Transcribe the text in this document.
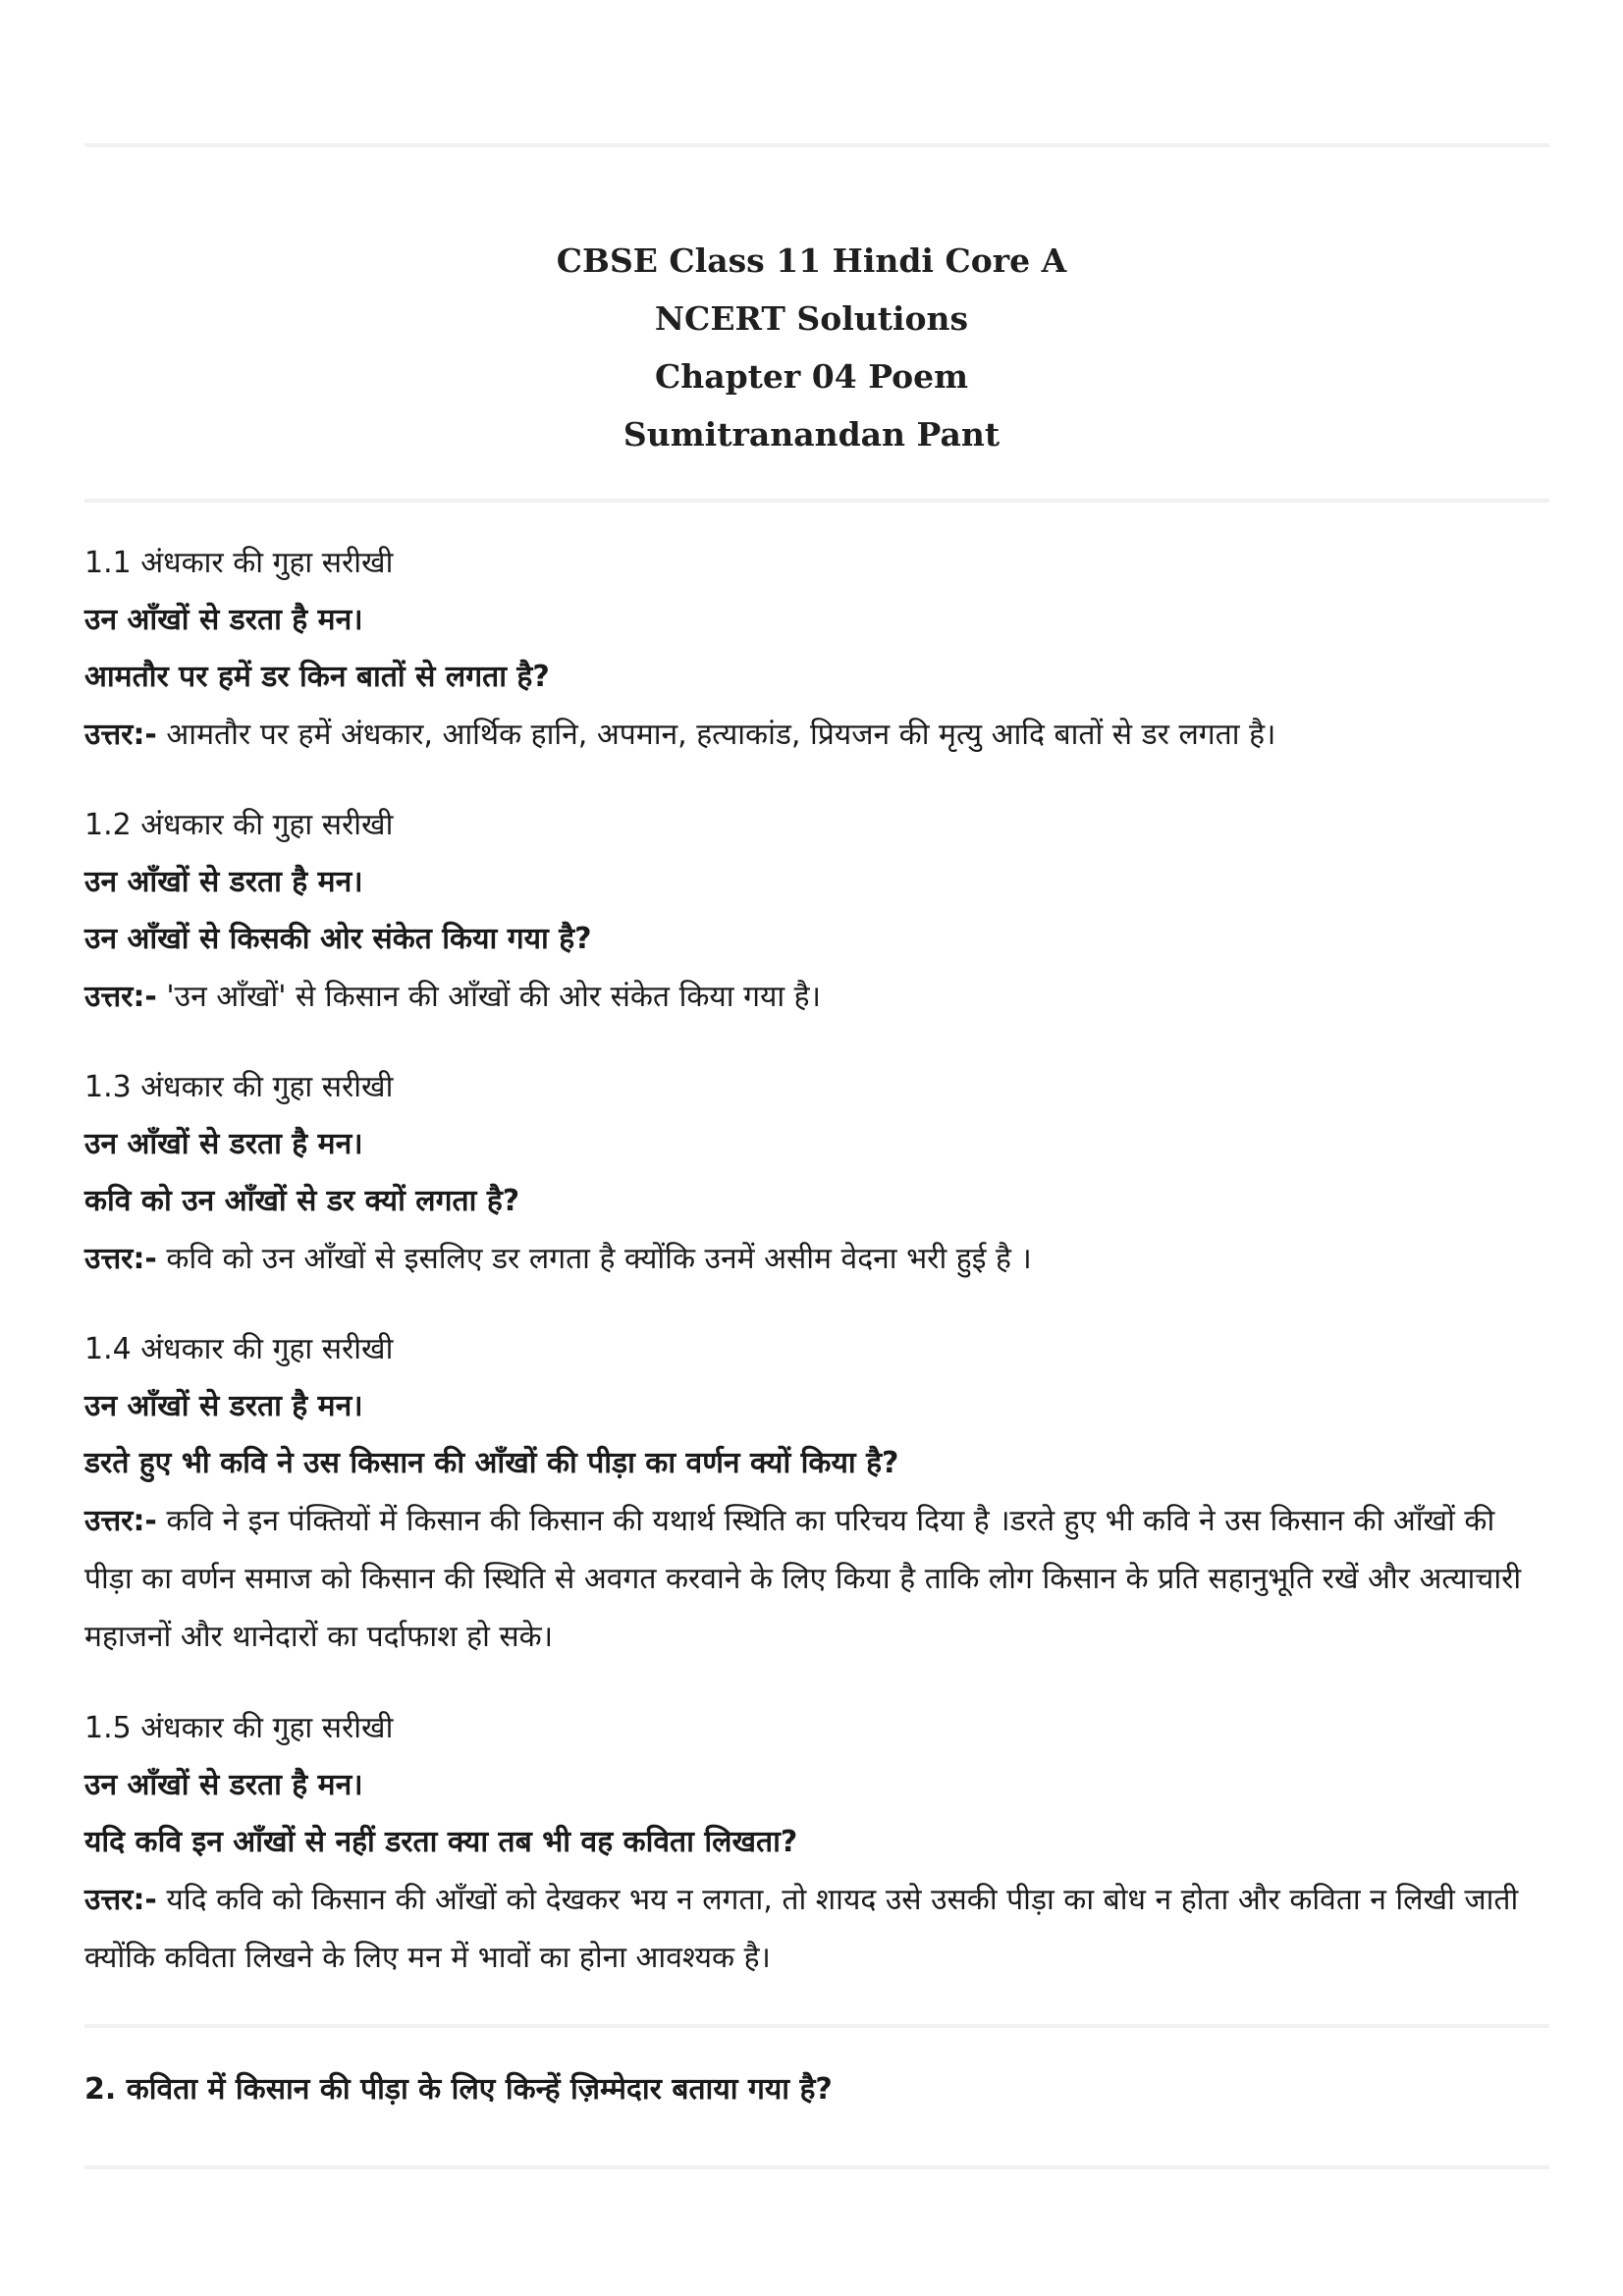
CBSE Class 11 Hindi Core A
NCERT Solutions
Chapter 04 Poem
Sumitranandan Pant
1.1 अंधकार की गुहा सरीखी
उन आँखों से डरता है मन।
आमतौर पर हमें डर किन बातों से लगता है?

उत्तर:- आमतौर पर हमें अंधकार, आर्थिक हानि, अपमान, हत्याकांड, प्रियजन की मृत्यु आदि बातों से डर लगता है।

1.2 अंधकार की गुहा सरीखी
उन आँखों से डरता है मन।
उन आँखों से किसकी ओर संकेत किया गया है?

उत्तर:- 'उन आँखों' से किसान की आँखों की ओर संकेत किया गया है।

1.3 अंधकार की गुहा सरीखी
उन आँखों से डरता है मन।
कवि को उन आँखों से डर क्यों लगता है?

उत्तर:- कवि को उन आँखों से इसलिए डर लगता है क्योंकि उनमें असीम वेदना भरी हुई है ।

1.4 अंधकार की गुहा सरीखी
उन आँखों से डरता है मन।
डरते हुए भी कवि ने उस किसान की आँखों की पीड़ा का वर्णन क्यों किया है?

उत्तर:- कवि ने इन पंक्तियों में किसान की किसान की यथार्थ स्थिति का परिचय दिया है ।डरते हुए भी कवि ने उस किसान की आँखों की पीड़ा का वर्णन समाज को किसान की स्थिति से अवगत करवाने के लिए किया है ताकि लोग किसान के प्रति सहानुभूति रखें और अत्याचारी महाजनों और थानेदारों का पर्दाफाश हो सके।

1.5 अंधकार की गुहा सरीखी
उन आँखों से डरता है मन।
यदि कवि इन आँखों से नहीं डरता क्या तब भी वह कविता लिखता?

उत्तर:- यदि कवि को किसान की आँखों को देखकर भय न लगता, तो शायद उसे उसकी पीड़ा का बोध न होता और कविता न लिखी जाती क्योंकि कविता लिखने के लिए मन में भावों का होना आवश्यक है।

2. कविता में किसान की पीड़ा के लिए किन्हें ज़िम्मेदार बताया गया है?
